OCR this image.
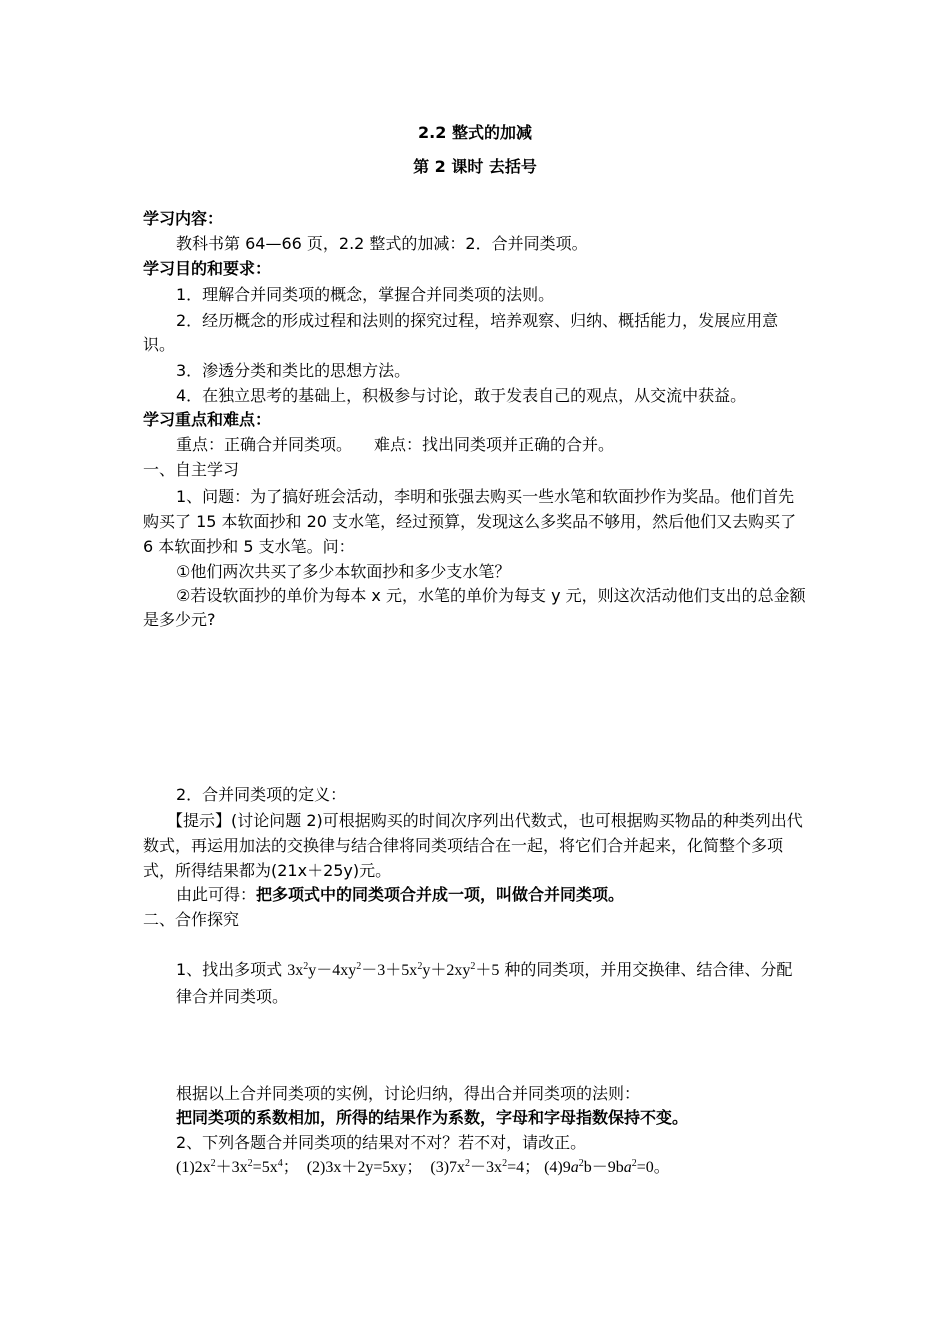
2.2 整式的加减
第 2 课时 去括号
学习内容：
教科书第 64—66 页，2.2 整式的加减：2．合并同类项。
学习目的和要求：
1．理解合并同类项的概念，掌握合并同类项的法则。
2．经历概念的形成过程和法则的探究过程，培养观察、归纳、概括能力，发展应用意识。
3．渗透分类和类比的思想方法。
4．在独立思考的基础上，积极参与讨论，敢于发表自己的观点，从交流中获益。
学习重点和难点：
重点：正确合并同类项。 难点：找出同类项并正确的合并。
一、自主学习
1、问题：为了搞好班会活动，李明和张强去购买一些水笔和软面抄作为奖品。他们首先购买了 15 本软面抄和 20 支水笔，经过预算，发现这么多奖品不够用，然后他们又去购买了 6 本软面抄和 5 支水笔。问：
①他们两次共买了多少本软面抄和多少支水笔？
②若设软面抄的单价为每本 x 元，水笔的单价为每支 y 元，则这次活动他们支出的总金额是多少元?
2．合并同类项的定义：
【提示】(讨论问题 2)可根据购买的时间次序列出代数式，也可根据购买物品的种类列出代数式，再运用加法的交换律与结合律将同类项结合在一起，将它们合并起来，化简整个多项式，所得结果都为(21x＋25y)元。
由此可得：把多项式中的同类项合并成一项，叫做合并同类项。
二、合作探究
1、找出多项式 $3x^2y-4xy^2-3+5x^2y+2xy^2+5$ 种的同类项，并用交换律、结合律、分配律合并同类项。
根据以上合并同类项的实例，讨论归纳，得出合并同类项的法则：
把同类项的系数相加，所得的结果作为系数，字母和字母指数保持不变。
2、下列各题合并同类项的结果对不对？若不对，请改正。
$(1)2x^2+3x^2=5x^4$；  (2)3x＋2y=5xy；  $(3)7x^2-3x^2=4$； $(4)9a^2b-9ba^2=0$。
